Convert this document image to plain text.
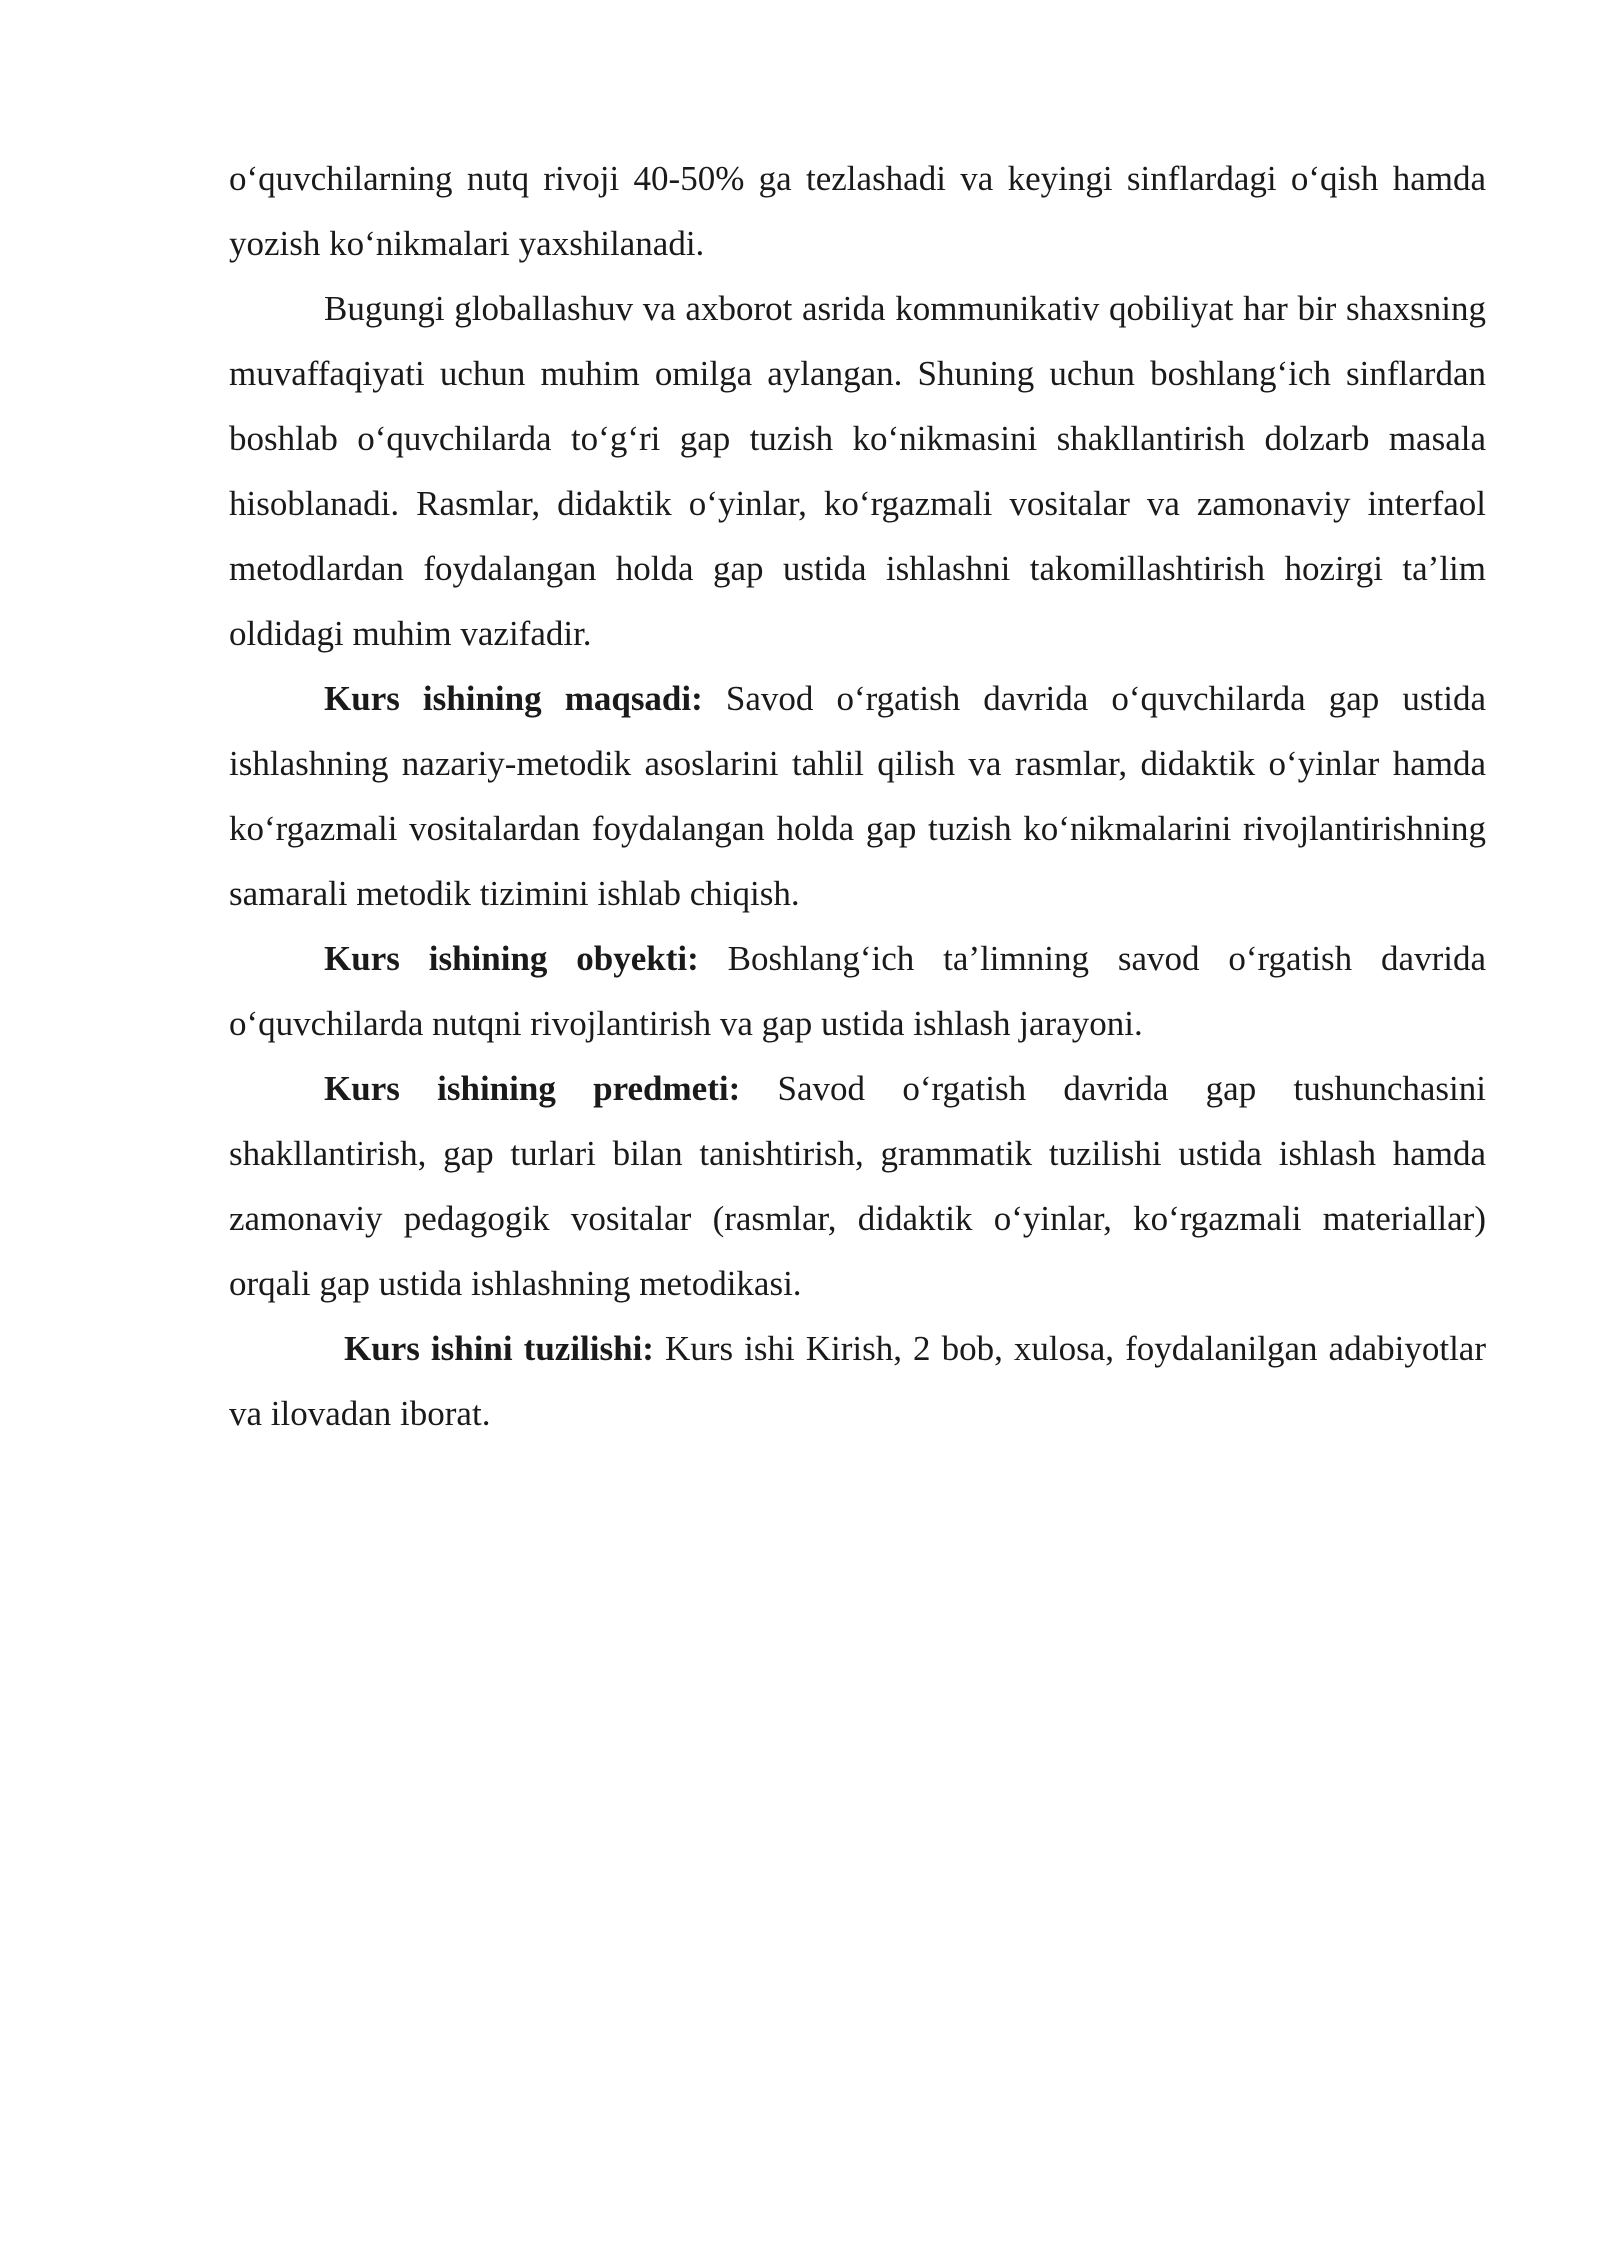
o‘quvchilarning nutq rivoji 40-50% ga tezlashadi va keyingi sinflardagi o‘qish hamda yozish ko‘nikmalari yaxshilanadi.

Bugungi globallashuv va axborot asrida kommunikativ qobiliyat har bir shaxsning muvaffaqiyati uchun muhim omilga aylangan. Shuning uchun boshlang‘ich sinflardan boshlab o‘quvchilarda to‘g‘ri gap tuzish ko‘nikmasini shakllantirish dolzarb masala hisoblanadi. Rasmlar, didaktik o‘yinlar, ko‘rgazmali vositalar va zamonaviy interfaol metodlardan foydalangan holda gap ustida ishlashni takomillashtirish hozirgi ta’lim oldidagi muhim vazifadir.

Kurs ishining maqsadi: Savod o‘rgatish davrida o‘quvchilarda gap ustida ishlashning nazariy-metodik asoslarini tahlil qilish va rasmlar, didaktik o‘yinlar hamda ko‘rgazmali vositalardan foydalangan holda gap tuzish ko‘nikmalarini rivojlantirishning samarali metodik tizimini ishlab chiqish.

Kurs ishining obyekti: Boshlang‘ich ta’limning savod o‘rgatish davrida o‘quvchilarda nutqni rivojlantirish va gap ustida ishlash jarayoni.

Kurs ishining predmeti: Savod o‘rgatish davrida gap tushunchasini shakllantirish, gap turlari bilan tanishtirish, grammatik tuzilishi ustida ishlash hamda zamonaviy pedagogik vositalar (rasmlar, didaktik o‘yinlar, ko‘rgazmali materiallar) orqali gap ustida ishlashning metodikasi.

Kurs ishini tuzilishi: Kurs ishi Kirish, 2 bob, xulosa, foydalanilgan adabiyotlar va ilovadan iborat.
